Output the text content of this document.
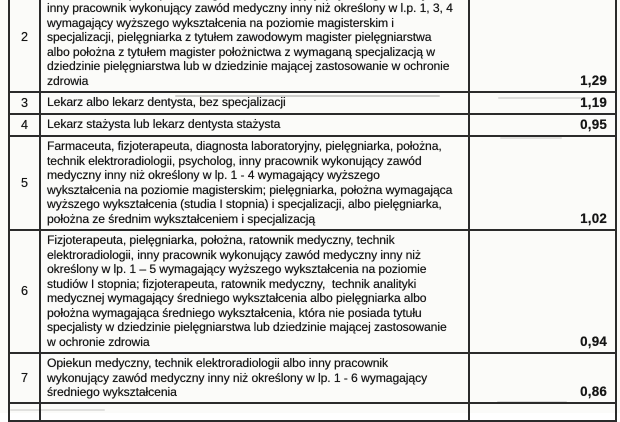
2
inny pracownik wykonujący zawód medyczny inny niż określony w l.p. 1, 3, 4
wymagający wyższego wykształcenia na poziomie magisterskim i
specjalizacji, pielęgniarka z tytułem zawodowym magister pielęgniarstwa
albo położna z tytułem magister położnictwa z wymaganą specjalizacją w
dziedzinie pielęgniarstwa lub w dziedzinie mającej zastosowanie w ochronie
zdrowia	1,29
3 Lekarz albo lekarz dentysta, bez specjalizacji	1,19
4 Lekarz stażysta lub lekarz dentysta stażysta	0,95
5
Farmaceuta, fizjoterapeuta, diagnosta laboratoryjny, pielęgniarka, położna,
technik elektroradiologii, psycholog, inny pracownik wykonujący zawód
medyczny inny niż określony w lp. 1 - 4 wymagający wyższego
wykształcenia na poziomie magisterskim; pielęgniarka, położna wymagająca
wyższego wykształcenia (studia I stopnia) i specjalizacji, albo pielęgniarka,
położna ze średnim wykształceniem i specjalizacją	1,02
6
Fizjoterapeuta, pielęgniarka, położna, ratownik medyczny, technik
elektroradiologii, inny pracownik wykonujący zawód medyczny inny niż
określony w lp. 1 – 5 wymagający wyższego wykształcenia na poziomie
studiów I stopnia; fizjoterapeuta, ratownik medyczny,  technik analityki
medycznej wymagający średniego wykształcenia albo pielęgniarka albo
położna wymagająca średniego wykształcenia, która nie posiada tytułu
specjalisty w dziedzinie pielęgniarstwa lub dziedzinie mającej zastosowanie
w ochronie zdrowia	0,94
7
Opiekun medyczny, technik elektroradiologii albo inny pracownik
wykonujący zawód medyczny inny niż określony w lp. 1 - 6 wymagający
średniego wykształcenia	0,86
